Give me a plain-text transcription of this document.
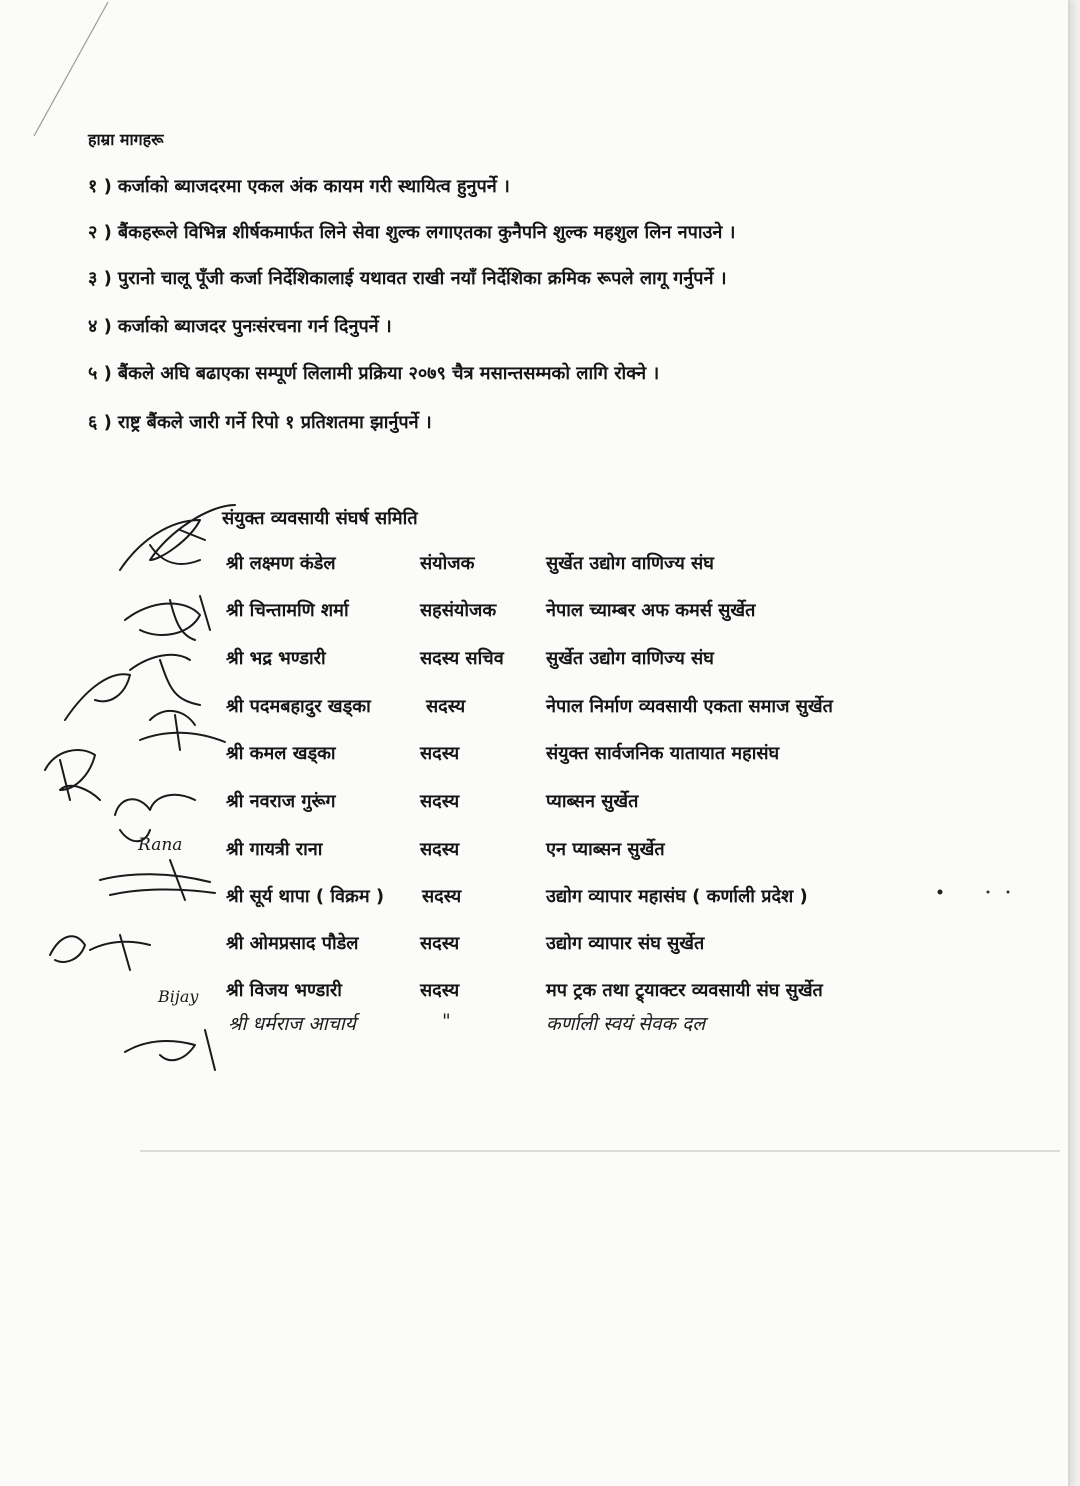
हाम्रा मागहरू
१ ) कर्जाको ब्याजदरमा एकल अंक कायम गरी स्थायित्व हुनुपर्ने ।
२ ) बैंकहरूले विभिन्न शीर्षकमार्फत लिने सेवा शुल्क लगाएतका कुनैपनि शुल्क महशुल लिन नपाउने ।
३ ) पुरानो चालू पूँजी कर्जा निर्देशिकालाई यथावत राखी नयाँ निर्देशिका क्रमिक रूपले लागू गर्नुपर्ने ।
४ ) कर्जाको ब्याजदर पुनःसंरचना गर्न दिनुपर्ने ।
५ ) बैंकले अघि बढाएका सम्पूर्ण लिलामी प्रक्रिया २०७९ चैत्र मसान्तसम्मको लागि रोक्ने ।
६ ) राष्ट्र बैंकले जारी गर्ने रिपो १ प्रतिशतमा झार्नुपर्ने ।
संयुक्त व्यवसायी संघर्ष समिति
श्री लक्ष्मण कंडेल	संयोजक	सुर्खेत उद्योग वाणिज्य संघ
श्री चिन्तामणि शर्मा	सहसंयोजक	नेपाल च्याम्बर अफ कमर्स सुर्खेत
श्री भद्र भण्डारी	सदस्य सचिव सुर्खेत उद्योग वाणिज्य संघ
श्री पदमबहादुर खड्का	सदस्य	नेपाल निर्माण व्यवसायी एकता समाज सुर्खेत
श्री कमल खड्का	सदस्य	संयुक्त सार्वजनिक यातायात महासंघ
श्री नवराज गुरूंग	सदस्य	प्याब्सन सुर्खेत
श्री गायत्री राना	सदस्य	एन प्याब्सन सुर्खेत
श्री सूर्य थापा ( विक्रम ) सदस्य	उद्योग व्यापार महासंघ ( कर्णाली प्रदेश )
श्री ओमप्रसाद पौडेल	सदस्य	उद्योग व्यापार संघ सुर्खेत
श्री विजय भण्डारी	सदस्य	मप ट्रक तथा ट्र्याक्टर व्यवसायी संघ सुर्खेत
श्री धर्मराज आचार्य	"	कर्णाली स्वयं सेवक दल
Rana
Bijay
